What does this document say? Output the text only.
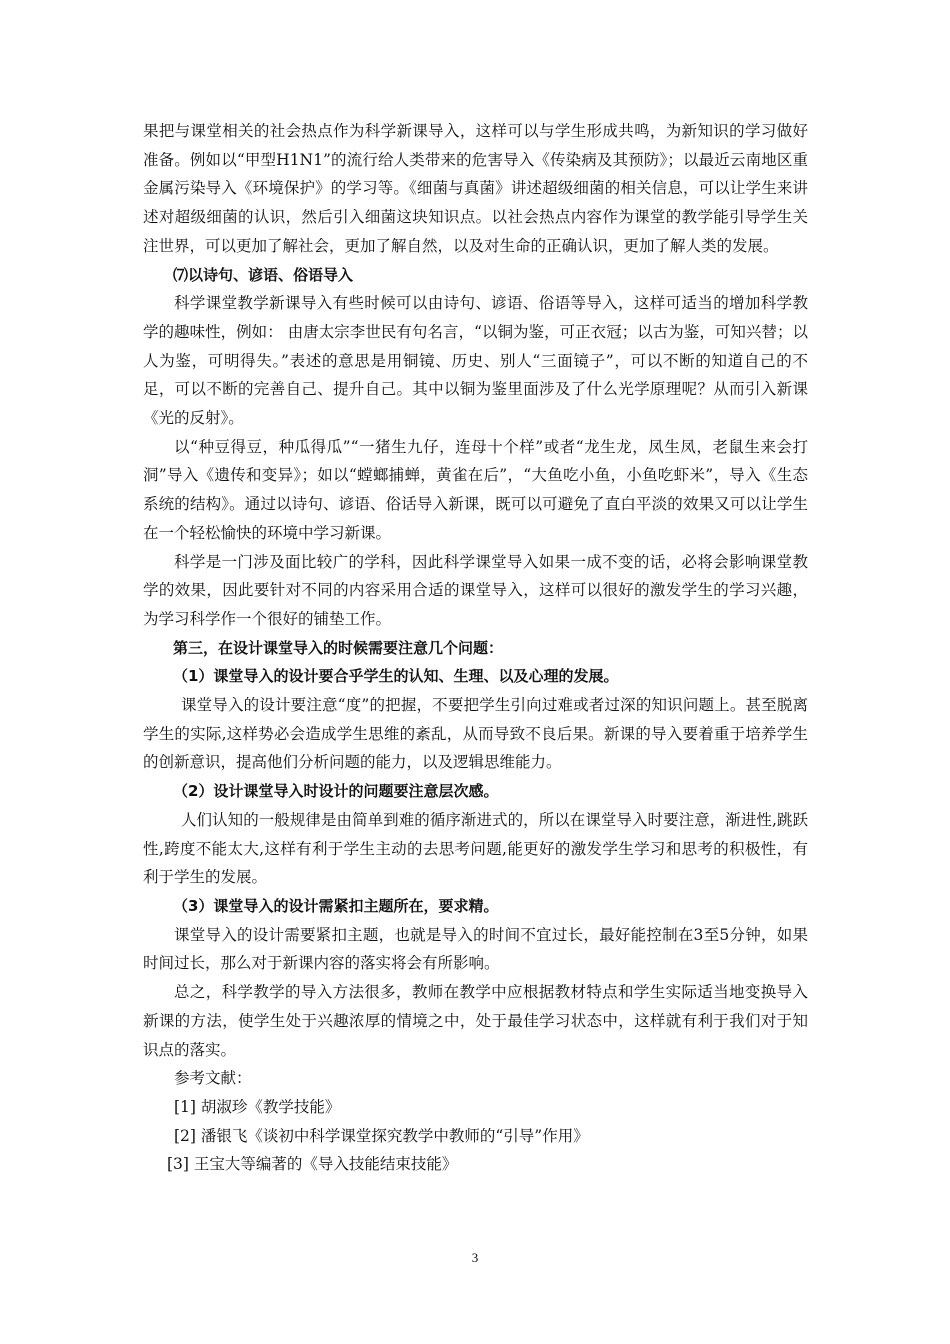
果把与课堂相关的社会热点作为科学新课导入，这样可以与学生形成共鸣，为新知识的学习做好准备。例如以“甲型H1N1”的流行给人类带来的危害导入《传染病及其预防》；以最近云南地区重金属污染导入《环境保护》的学习等。《细菌与真菌》讲述超级细菌的相关信息，可以让学生来讲述对超级细菌的认识，然后引入细菌这块知识点。以社会热点内容作为课堂的教学能引导学生关注世界，可以更加了解社会，更加了解自然，以及对生命的正确认识，更加了解人类的发展。

⑺以诗句、谚语、俗语导入

科学课堂教学新课导入有些时候可以由诗句、谚语、俗语等导入，这样可适当的增加科学教学的趣味性，例如： 由唐太宗李世民有句名言，“以铜为鉴，可正衣冠；以古为鉴，可知兴替；以人为鉴，可明得失。”表述的意思是用铜镜、历史、别人“三面镜子”，可以不断的知道自己的不足，可以不断的完善自己、提升自己。其中以铜为鉴里面涉及了什么光学原理呢？从而引入新课《光的反射》。

以“种豆得豆，种瓜得瓜”“一猪生九仔，连母十个样”或者“龙生龙，凤生凤，老鼠生来会打洞”导入《遗传和变异》；如以“螳螂捕蝉，黄雀在后”，“大鱼吃小鱼，小鱼吃虾米”，导入《生态系统的结构》。通过以诗句、谚语、俗话导入新课，既可以可避免了直白平淡的效果又可以让学生在一个轻松愉快的环境中学习新课。

科学是一门涉及面比较广的学科，因此科学课堂导入如果一成不变的话，必将会影响课堂教学的效果，因此要针对不同的内容采用合适的课堂导入，这样可以很好的激发学生的学习兴趣，为学习科学作一个很好的铺垫工作。

第三，在设计课堂导入的时候需要注意几个问题：

（1）课堂导入的设计要合乎学生的认知、生理、以及心理的发展。

课堂导入的设计要注意“度”的把握，不要把学生引向过难或者过深的知识问题上。甚至脱离学生的实际,这样势必会造成学生思维的紊乱，从而导致不良后果。新课的导入要着重于培养学生的创新意识，提高他们分析问题的能力，以及逻辑思维能力。

（2）设计课堂导入时设计的问题要注意层次感。

人们认知的一般规律是由简单到难的循序渐进式的，所以在课堂导入时要注意，渐进性,跳跃性,跨度不能太大,这样有利于学生主动的去思考问题,能更好的激发学生学习和思考的积极性，有利于学生的发展。

（3）课堂导入的设计需紧扣主题所在，要求精。

课堂导入的设计需要紧扣主题，也就是导入的时间不宜过长，最好能控制在3至5分钟，如果时间过长，那么对于新课内容的落实将会有所影响。

总之，科学教学的导入方法很多，教师在教学中应根据教材特点和学生实际适当地变换导入新课的方法，使学生处于兴趣浓厚的情境之中，处于最佳学习状态中，这样就有利于我们对于知识点的落实。

参考文献：

[1] 胡淑珍《教学技能》

[2] 潘银飞《谈初中科学课堂探究教学中教师的“引导”作用》

[3] 王宝大等编著的《导入技能结束技能》

3
